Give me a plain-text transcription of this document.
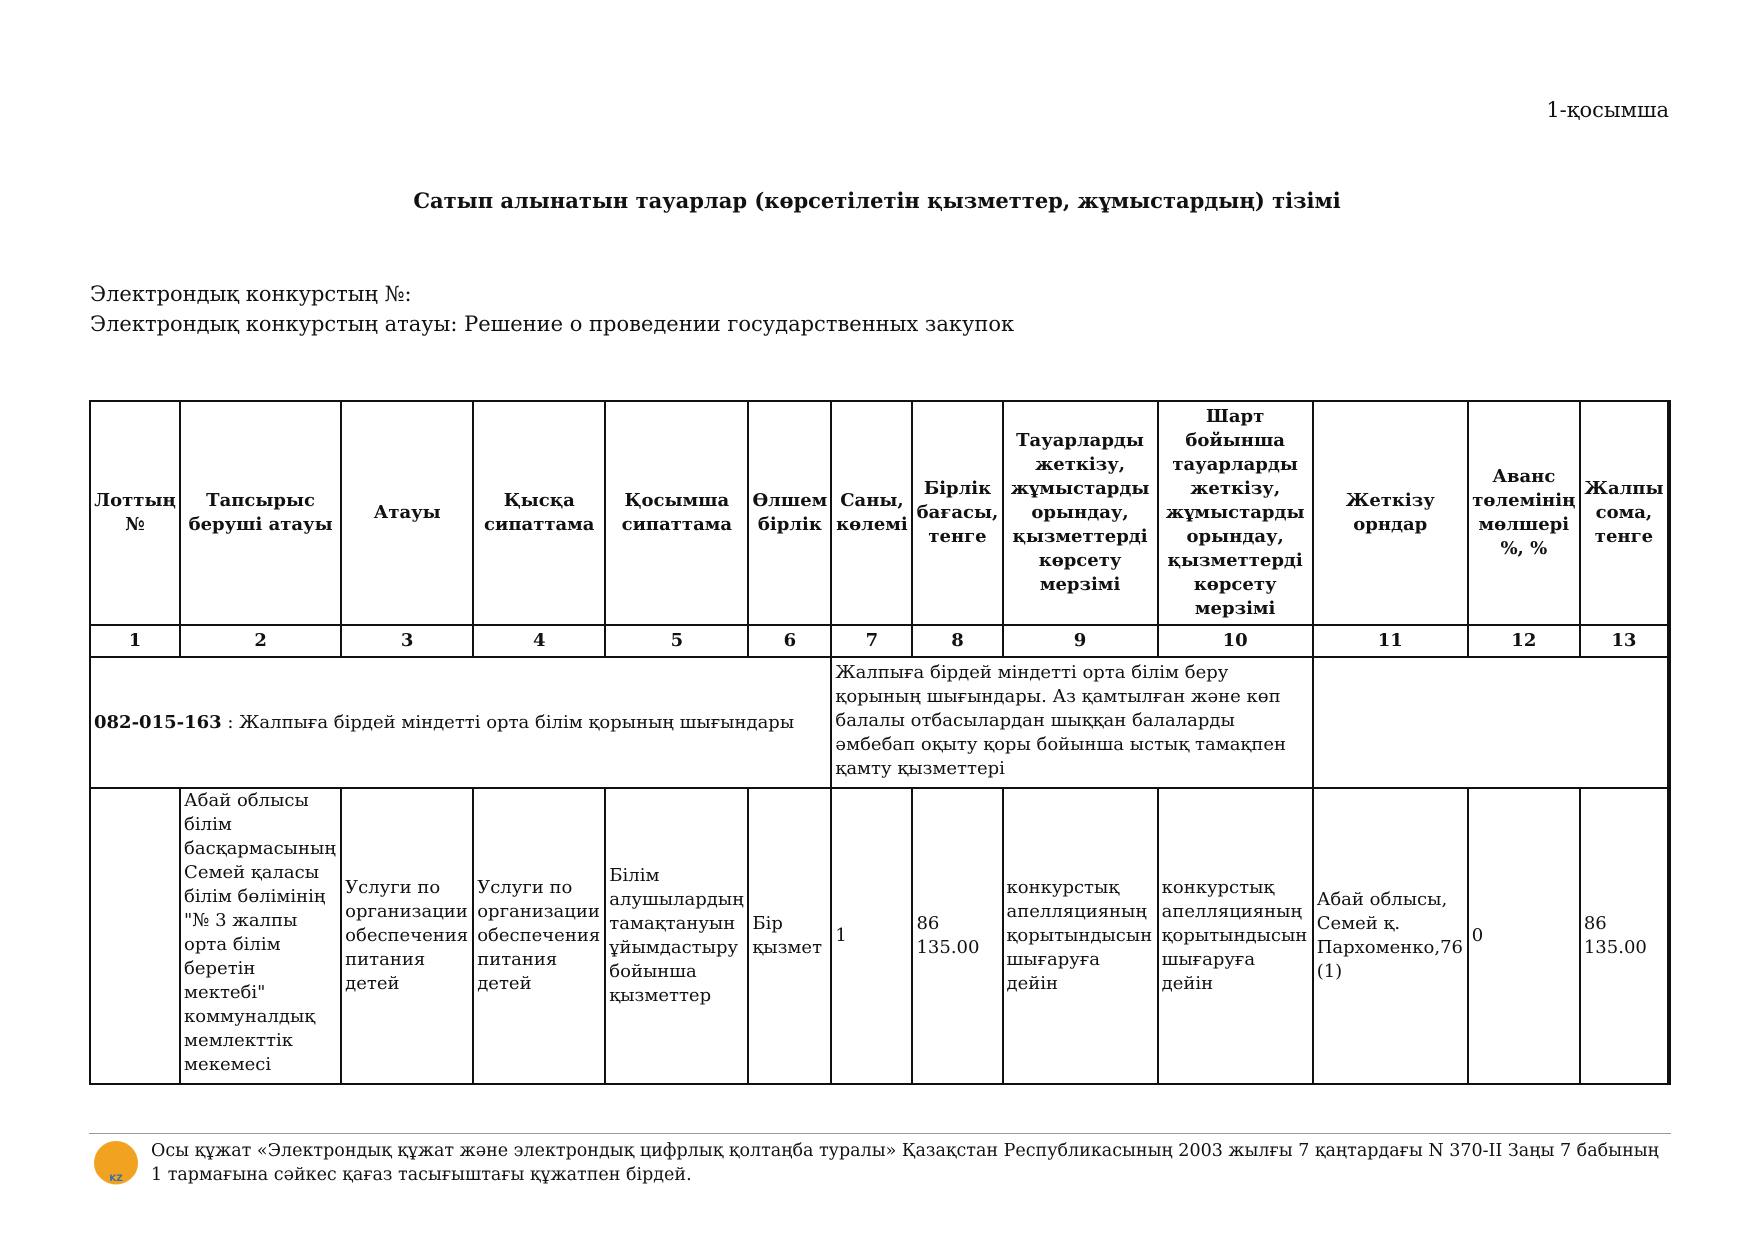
1-қосымша
Сатып алынатын тауарлар (көрсетілетін қызметтер, жұмыстардың) тізімі
Электрондық конкурстың №:
Электрондық конкурстың атауы: Решение о проведении государственных закупок
Лоттың №	Тапсырыс беруші атауы	Атауы	Қысқа сипаттама	Қосымша сипаттама	Өлшем бірлік	Саны, көлемі	Бірлік бағасы, тенге	Тауарларды жеткізу, жұмыстарды орындау, қызметтерді көрсету мерзімі	Шарт бойынша тауарларды жеткізу, жұмыстарды орындау, қызметтерді көрсету мерзімі	Жеткізу орндар	Аванс төлемінің мөлшері %, %	Жалпы сома, тенге
1	2	3	4	5	6	7	8	9	10	11	12	13
082-015-163 : Жалпыға бірдей міндетті орта білім қорының шығындары						Жалпыға бірдей міндетті орта білім беру қорының шығындары. Аз қамтылған және көп балалы отбасылардан шыққан балаларды әмбебап оқыту қоры бойынша ыстық тамақпен қамту қызметтері						
	Абай облысы білім басқармасының Семей қаласы білім бөлімінің "№ 3 жалпы орта білім беретін мектебі" коммуналдық мемлекттік мекемесі	Услуги по организации обеспечения питания детей	Услуги по организации обеспечения питания детей	Білім алушылардың тамақтануын ұйымдастыру бойынша қызметтер	Бір қызмет	1	86 135.00	конкурстық апелляцияның қорытындысын шығаруға дейін	конкурстық апелляцияның қорытындысын шығаруға дейін	Абай облысы, Семей қ. Пархоменко,76 (1)	0	86 135.00
KZ
Осы құжат «Электрондық құжат және электрондық цифрлық қолтаңба туралы» Қазақстан Республикасының 2003 жылғы 7 қаңтардағы N 370-II Заңы 7 бабының 1 тармағына сәйкес қағаз тасығыштағы құжатпен бірдей.
